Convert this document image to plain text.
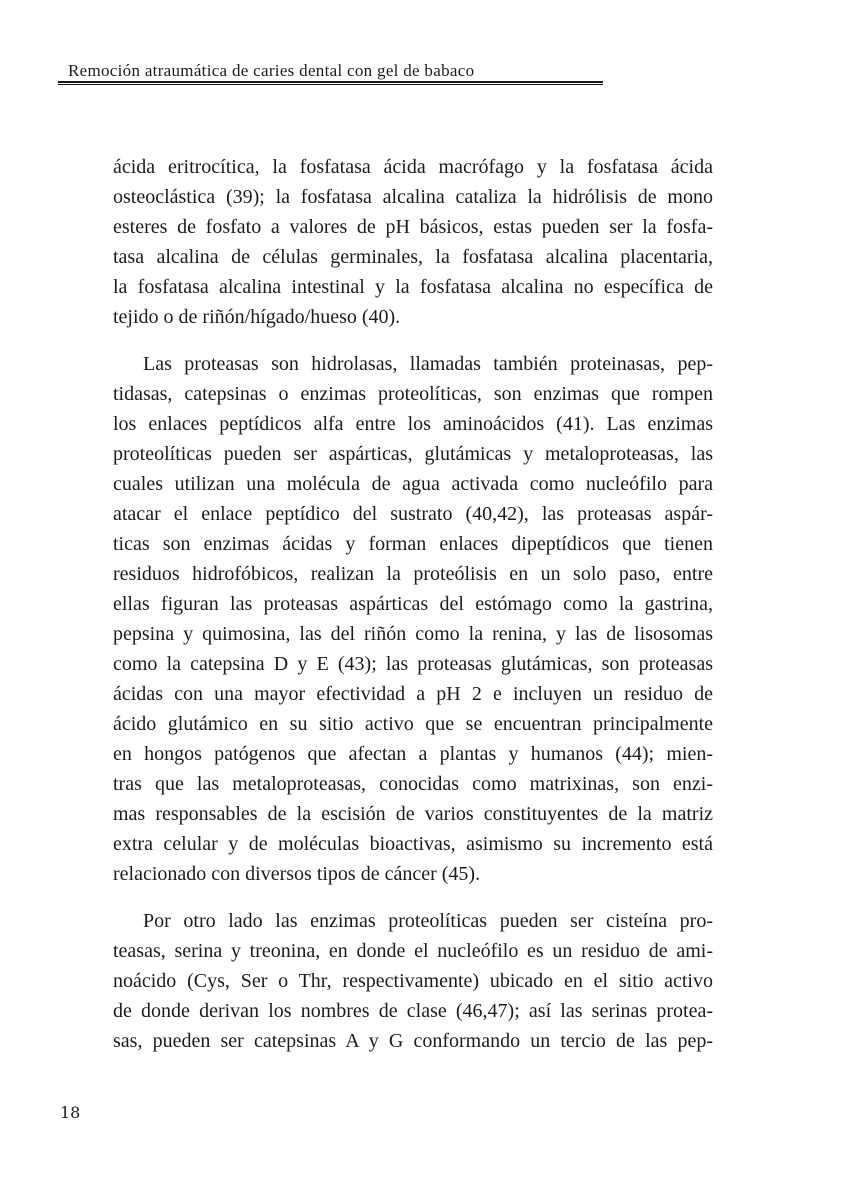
Remoción atraumática de caries dental con gel de babaco
ácida eritrocítica, la fosfatasa ácida macrófago y la fosfatasa ácida
osteoclástica (39); la fosfatasa alcalina cataliza la hidrólisis de mono
esteres de fosfato a valores de pH básicos, estas pueden ser la fosfa-
tasa alcalina de células germinales, la fosfatasa alcalina placentaria,
la fosfatasa alcalina intestinal y la fosfatasa alcalina no específica de
tejido o de riñón/hígado/hueso (40).
Las proteasas son hidrolasas, llamadas también proteinasas, pep-
tidasas, catepsinas o enzimas proteolíticas, son enzimas que rompen
los enlaces peptídicos alfa entre los aminoácidos (41). Las enzimas
proteolíticas pueden ser aspárticas, glutámicas y metaloproteasas, las
cuales utilizan una molécula de agua activada como nucleófilo para
atacar el enlace peptídico del sustrato (40,42), las proteasas aspár-
ticas son enzimas ácidas y forman enlaces dipeptídicos que tienen
residuos hidrofóbicos, realizan la proteólisis en un solo paso, entre
ellas figuran las proteasas aspárticas del estómago como la gastrina,
pepsina y quimosina, las del riñón como la renina, y las de lisosomas
como la catepsina D y E (43); las proteasas glutámicas, son proteasas
ácidas con una mayor efectividad a pH 2 e incluyen un residuo de
ácido glutámico en su sitio activo que se encuentran principalmente
en hongos patógenos que afectan a plantas y humanos (44); mien-
tras que las metaloproteasas, conocidas como matrixinas, son enzi-
mas responsables de la escisión de varios constituyentes de la matriz
extra celular y de moléculas bioactivas, asimismo su incremento está
relacionado con diversos tipos de cáncer (45).
Por otro lado las enzimas proteolíticas pueden ser cisteína pro-
teasas, serina y treonina, en donde el nucleófilo es un residuo de ami-
noácido (Cys, Ser o Thr, respectivamente) ubicado en el sitio activo
de donde derivan los nombres de clase (46,47); así las serinas protea-
sas, pueden ser catepsinas A y G conformando un tercio de las pep-
18
